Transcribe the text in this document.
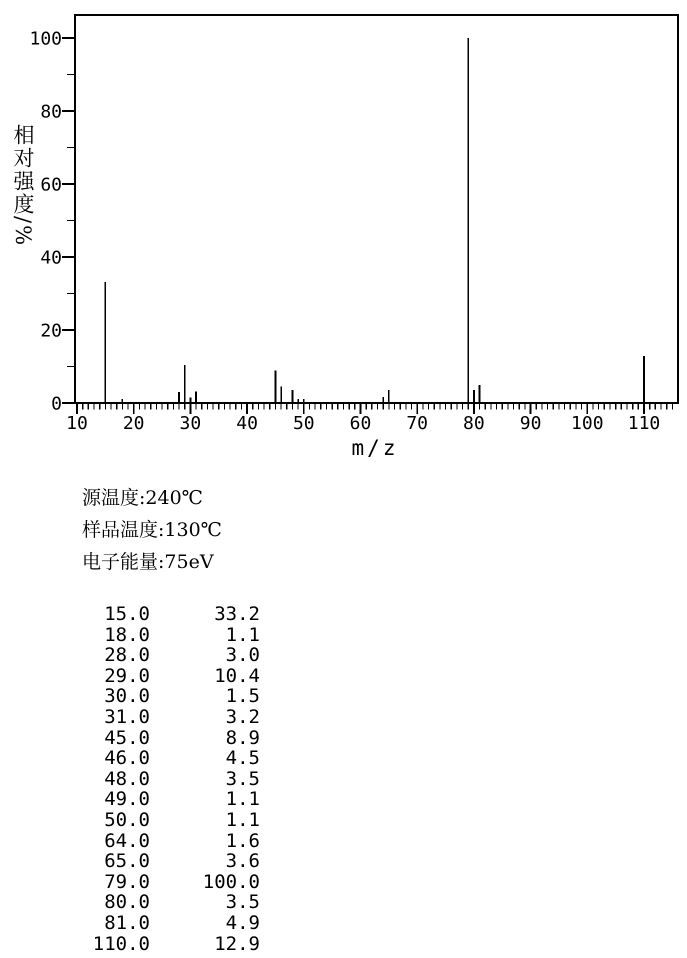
10 20 30 40 50 60 70 80 90 100 110
0
20
40
60
80
100
m/z
相对强度/%
源温度:240℃
样品温度:130℃
电子能量:75eV
15.0	33.2
18.0	1.1
28.0	3.0
29.0	10.4
30.0	1.5
31.0	3.2
45.0	8.9
46.0	4.5
48.0	3.5
49.0	1.1
50.0	1.1
64.0	1.6
65.0	3.6
79.0	100.0
80.0	3.5
81.0	4.9
110.0	12.9
